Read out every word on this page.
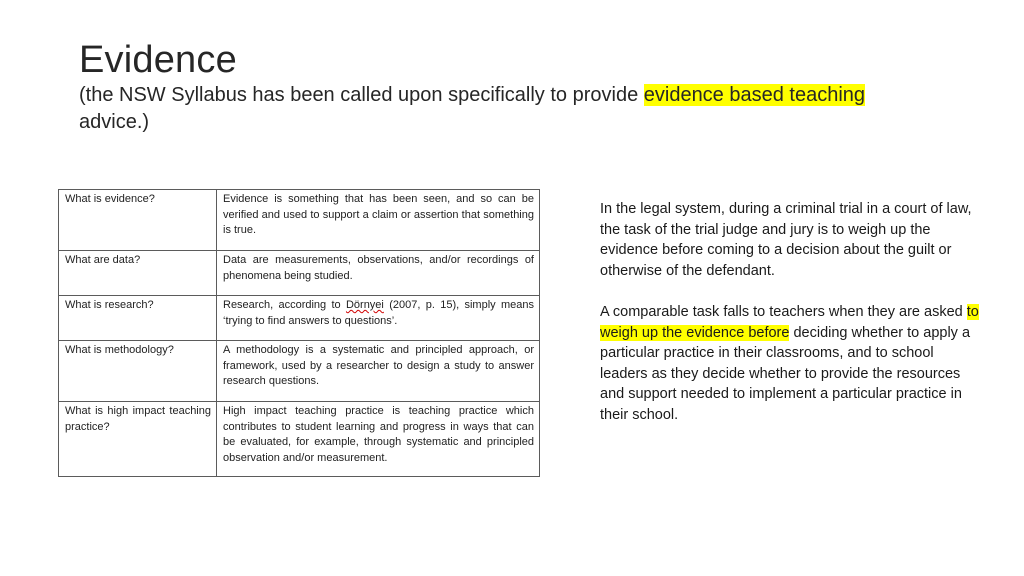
Evidence
(the NSW Syllabus has been called upon specifically to provide evidence based teaching
advice.)
What is evidence?	Evidence is something that has been seen, and so can be verified and used to support a claim or assertion that something is true.
What are data?	Data are measurements, observations, and/or recordings of phenomena being studied.
What is research?	Research, according to Dörnyei (2007, p. 15), simply means ‘trying to find answers to questions’.
What is methodology?	A methodology is a systematic and principled approach, or framework, used by a researcher to design a study to answer research questions.
What is high impact teaching practice?	High impact teaching practice is teaching practice which contributes to student learning and progress in ways that can be evaluated, for example, through systematic and principled observation and/or measurement.

In the legal system, during a criminal trial in a court of law, the task of the trial judge and jury is to weigh up the evidence before coming to a decision about the guilt or otherwise of the defendant.

A comparable task falls to teachers when they are asked to weigh up the evidence before deciding whether to apply a particular practice in their classrooms, and to school leaders as they decide whether to provide the resources and support needed to implement a particular practice in their school.
